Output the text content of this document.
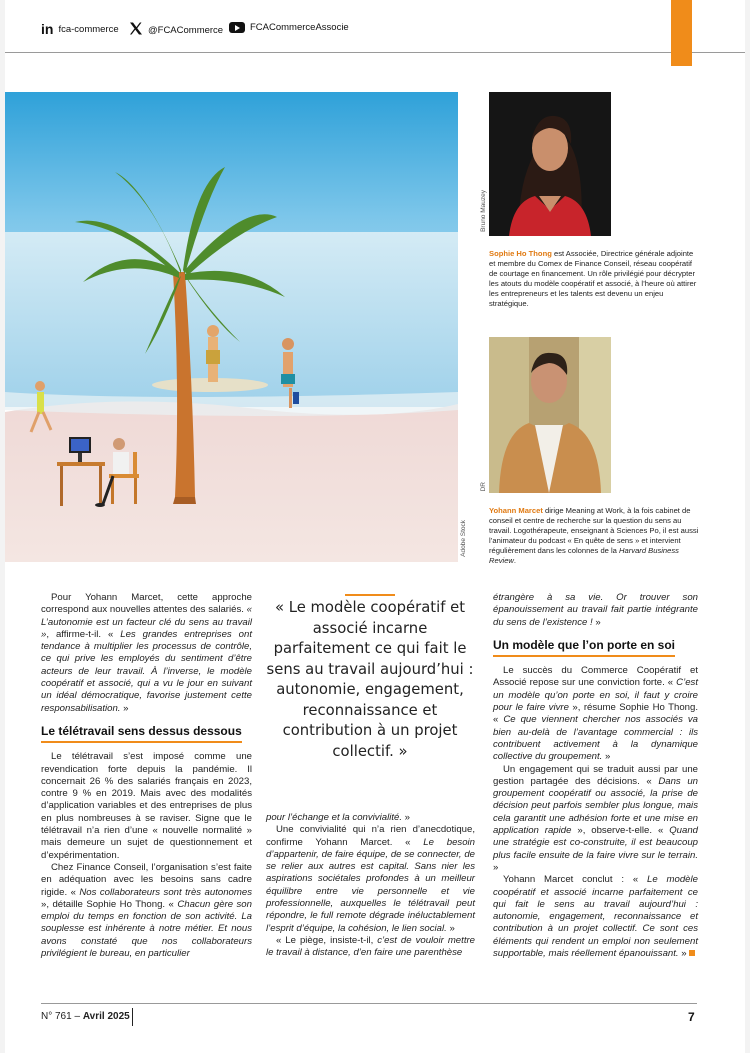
in fca-commerce	@FCACommerce	FCACommerceAssocie
Adobe Stock
Bruno Mauzey
Sophie Ho Thong est Associée, Directrice générale adjointe et membre du Comex de Finance Conseil, réseau coopératif de courtage en financement. Un rôle privilégié pour décrypter les atouts du modèle coopératif et associé, à l’heure où attirer les entrepreneurs et les talents est devenu un enjeu stratégique.
DR
Yohann Marcet dirige Meaning at Work, à la fois cabinet de conseil et centre de recherche sur la question du sens au travail. Logothérapeute, enseignant à Sciences Po, il est aussi l’animateur du podcast « En quête de sens » et intervient régulièrement dans les colonnes de la Harvard Business Review.

Pour Yohann Marcet, cette approche correspond aux nouvelles attentes des salariés. « L’autonomie est un facteur clé du sens au travail », affirme-t-il. « Les grandes entreprises ont tendance à multiplier les processus de contrôle, ce qui prive les employés du sentiment d’être acteurs de leur travail. À l’inverse, le modèle coopératif et associé, qui a vu le jour en suivant un idéal démocratique, favorise justement cette responsabilisation. »

Le télétravail sens dessus dessous

Le télétravail s’est imposé comme une revendication forte depuis la pandémie. Il concernait 26 % des salariés français en 2023, contre 9 % en 2019. Mais avec des modalités d’application variables et des entreprises de plus en plus nombreuses à se raviser. Signe que le télétravail n’a rien d’une « nouvelle normalité » mais demeure un sujet de questionnement et d’expérimentation.

Chez Finance Conseil, l’organisation s’est faite en adéquation avec les besoins sans cadre rigide. « Nos collaborateurs sont très autonomes », détaille Sophie Ho Thong. « Chacun gère son emploi du temps en fonction de son activité. La souplesse est inhérente à notre métier. Et nous avons constaté que nos collaborateurs privilégient le bureau, en particulier

« Le modèle coopératif et associé incarne parfaitement ce qui fait le sens au travail aujourd’hui : autonomie, engagement, reconnaissance et contribution à un projet collectif. »

pour l’échange et la convivialité. »

Une convivialité qui n’a rien d’anecdotique, confirme Yohann Marcet. « Le besoin d’appartenir, de faire équipe, de se connecter, de se relier aux autres est capital. Sans nier les aspirations sociétales profondes à un meilleur équilibre entre vie personnelle et vie professionnelle, auxquelles le télétravail peut répondre, le full remote dégrade inéluctablement l’esprit d’équipe, la cohésion, le lien social. »

« Le piège, insiste-t-il, c’est de vouloir mettre le travail à distance, d’en faire une parenthèse

étrangère à sa vie. Or trouver son épanouissement au travail fait partie intégrante du sens de l’existence ! »

Un modèle que l’on porte en soi

Le succès du Commerce Coopératif et Associé repose sur une conviction forte. « C’est un modèle qu’on porte en soi, il faut y croire pour le faire vivre », résume Sophie Ho Thong. « Ce que viennent chercher nos associés va bien au-delà de l’avantage commercial : ils contribuent activement à la dynamique collective du groupement. »

Un engagement qui se traduit aussi par une gestion partagée des décisions. « Dans un groupement coopératif ou associé, la prise de décision peut parfois sembler plus longue, mais cela garantit une adhésion forte et une mise en application rapide », observe-t-elle. « Quand une stratégie est co-construite, il est beaucoup plus facile ensuite de la faire vivre sur le terrain. »

Yohann Marcet conclut : « Le modèle coopératif et associé incarne parfaitement ce qui fait le sens au travail aujourd’hui : autonomie, engagement, reconnaissance et contribution à un projet collectif. Ce sont ces éléments qui rendent un emploi non seulement supportable, mais réellement épanouissant. »

N° 761 – Avril 2025	7
